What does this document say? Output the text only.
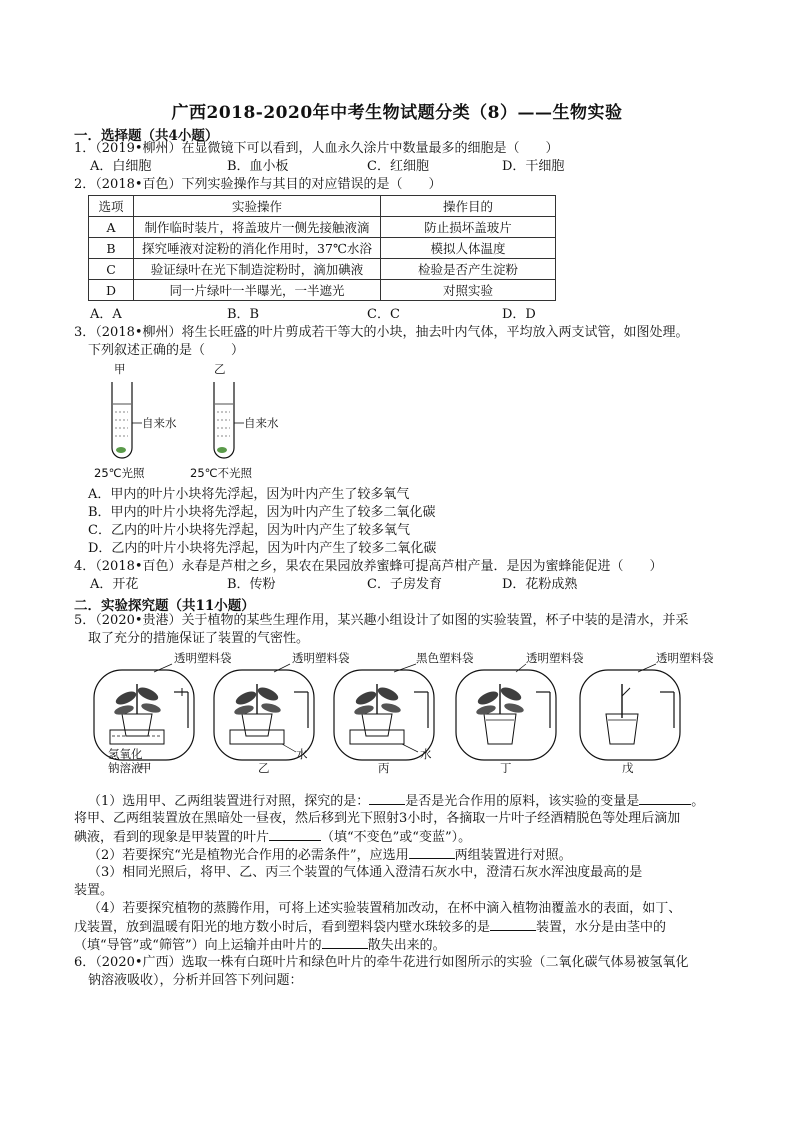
广西2018-2020年中考生物试题分类（8）——生物实验
一．选择题（共4小题）
1．（2019•柳州）在显微镜下可以看到，人血永久涂片中数量最多的细胞是（　　）
A．白细胞	B．血小板	C．红细胞	D．干细胞
2．（2018•百色）下列实验操作与其目的对应错误的是（　　）
选项	实验操作	操作目的
A	制作临时装片，将盖玻片一侧先接触液滴	防止损坏盖玻片
B	探究唾液对淀粉的消化作用时，37℃水浴	模拟人体温度
C	验证绿叶在光下制造淀粉时，滴加碘液	检验是否产生淀粉
D	同一片绿叶一半曝光，一半遮光	对照实验
A．A	B．B	C．C	D．D
3．（2018•柳州）将生长旺盛的叶片剪成若干等大的小块，抽去叶内气体，平均放入两支试管，如图处理。
下列叙述正确的是（　　）
甲	乙
自来水	自来水
25℃光照	25℃不光照
A．甲内的叶片小块将先浮起，因为叶内产生了较多氧气
B．甲内的叶片小块将先浮起，因为叶内产生了较多二氧化碳
C．乙内的叶片小块将先浮起，因为叶内产生了较多氧气
D．乙内的叶片小块将先浮起，因为叶内产生了较多二氧化碳
4．（2018•百色）永春是芦柑之乡，果农在果园放养蜜蜂可提高芦柑产量．是因为蜜蜂能促进（　　）
A．开花	B．传粉	C．子房发育	D．花粉成熟
二．实验探究题（共11小题）
5．（2020•贵港）关于植物的某些生理作用，某兴趣小组设计了如图的实验装置，杯子中装的是清水，并采
取了充分的措施保证了装置的气密性。
透明塑料袋	透明塑料袋	黑色塑料袋	透明塑料袋	透明塑料袋
氢氧化
钠溶液
水	水
甲	乙	丙	丁	戊
（1）选用甲、乙两组装置进行对照，探究的是：	是否是光合作用的原料，该实验的变量是	。
将甲、乙两组装置放在黑暗处一昼夜，然后移到光下照射3小时，各摘取一片叶子经酒精脱色等处理后滴加
碘液，看到的现象是甲装置的叶片	（填“不变色”或“变蓝”）。
（2）若要探究“光是植物光合作用的必需条件”，应选用	两组装置进行对照。
（3）相同光照后，将甲、乙、丙三个装置的气体通入澄清石灰水中，澄清石灰水浑浊度最高的是
装置。
（4）若要探究植物的蒸腾作用，可将上述实验装置稍加改动，在杯中滴入植物油覆盖水的表面，如丁、
戊装置，放到温暖有阳光的地方数小时后，看到塑料袋内壁水珠较多的是	装置，水分是由茎中的
（填“导管”或“筛管”）向上运输并由叶片的	散失出来的。
6．（2020•广西）选取一株有白斑叶片和绿色叶片的牵牛花进行如图所示的实验（二氧化碳气体易被氢氧化
钠溶液吸收），分析并回答下列问题：
